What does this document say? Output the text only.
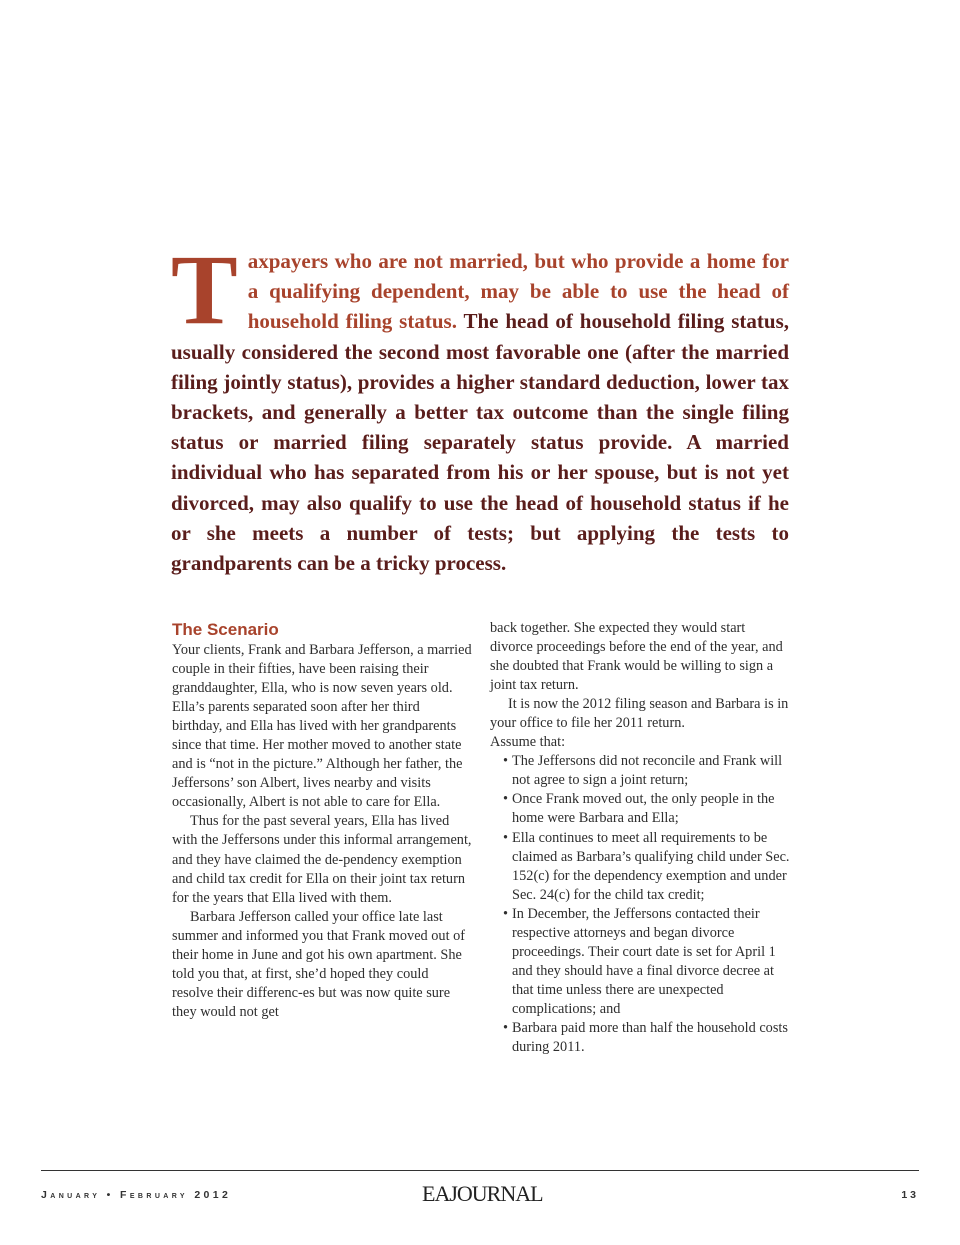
Taxpayers who are not married, but who provide a home for a qualifying dependent, may be able to use the head of household filing status. The head of household filing status, usually considered the second most favorable one (after the married filing jointly status), provides a higher standard deduction, lower tax brackets, and generally a better tax outcome than the single filing status or married filing separately status provide. A married individual who has separated from his or her spouse, but is not yet divorced, may also qualify to use the head of household status if he or she meets a number of tests; but applying the tests to grandparents can be a tricky process.
The Scenario

Your clients, Frank and Barbara Jefferson, a married couple in their fifties, have been raising their granddaughter, Ella, who is now seven years old. Ella’s parents separated soon after her third birthday, and Ella has lived with her grandparents since that time. Her mother moved to another state and is “not in the picture.” Although her father, the Jeffersons’ son Albert, lives nearby and visits occasionally, Albert is not able to care for Ella.

Thus for the past several years, Ella has lived with the Jeffersons under this informal arrangement, and they have claimed the de-pendency exemption and child tax credit for Ella on their joint tax return for the years that Ella lived with them.

Barbara Jefferson called your office late last summer and informed you that Frank moved out of their home in June and got his own apartment. She told you that, at first, she’d hoped they could resolve their differenc-es but was now quite sure they would not get

back together. She expected they would start divorce proceedings before the end of the year, and she doubted that Frank would be willing to sign a joint tax return.

It is now the 2012 filing season and Barbara is in your office to file her 2011 return.

Assume that:

• The Jeffersons did not reconcile and Frank will not agree to sign a joint return;
• Once Frank moved out, the only people in the home were Barbara and Ella;
• Ella continues to meet all requirements to be claimed as Barbara’s qualifying child under Sec. 152(c) for the dependency exemption and under Sec. 24(c) for the child tax credit;
• In December, the Jeffersons contacted their respective attorneys and began divorce proceedings. Their court date is set for April 1 and they should have a final divorce decree at that time unless there are unexpected complications; and
• Barbara paid more than half the household costs during 2011.
January • February 2012	EAJOURNAL	13
